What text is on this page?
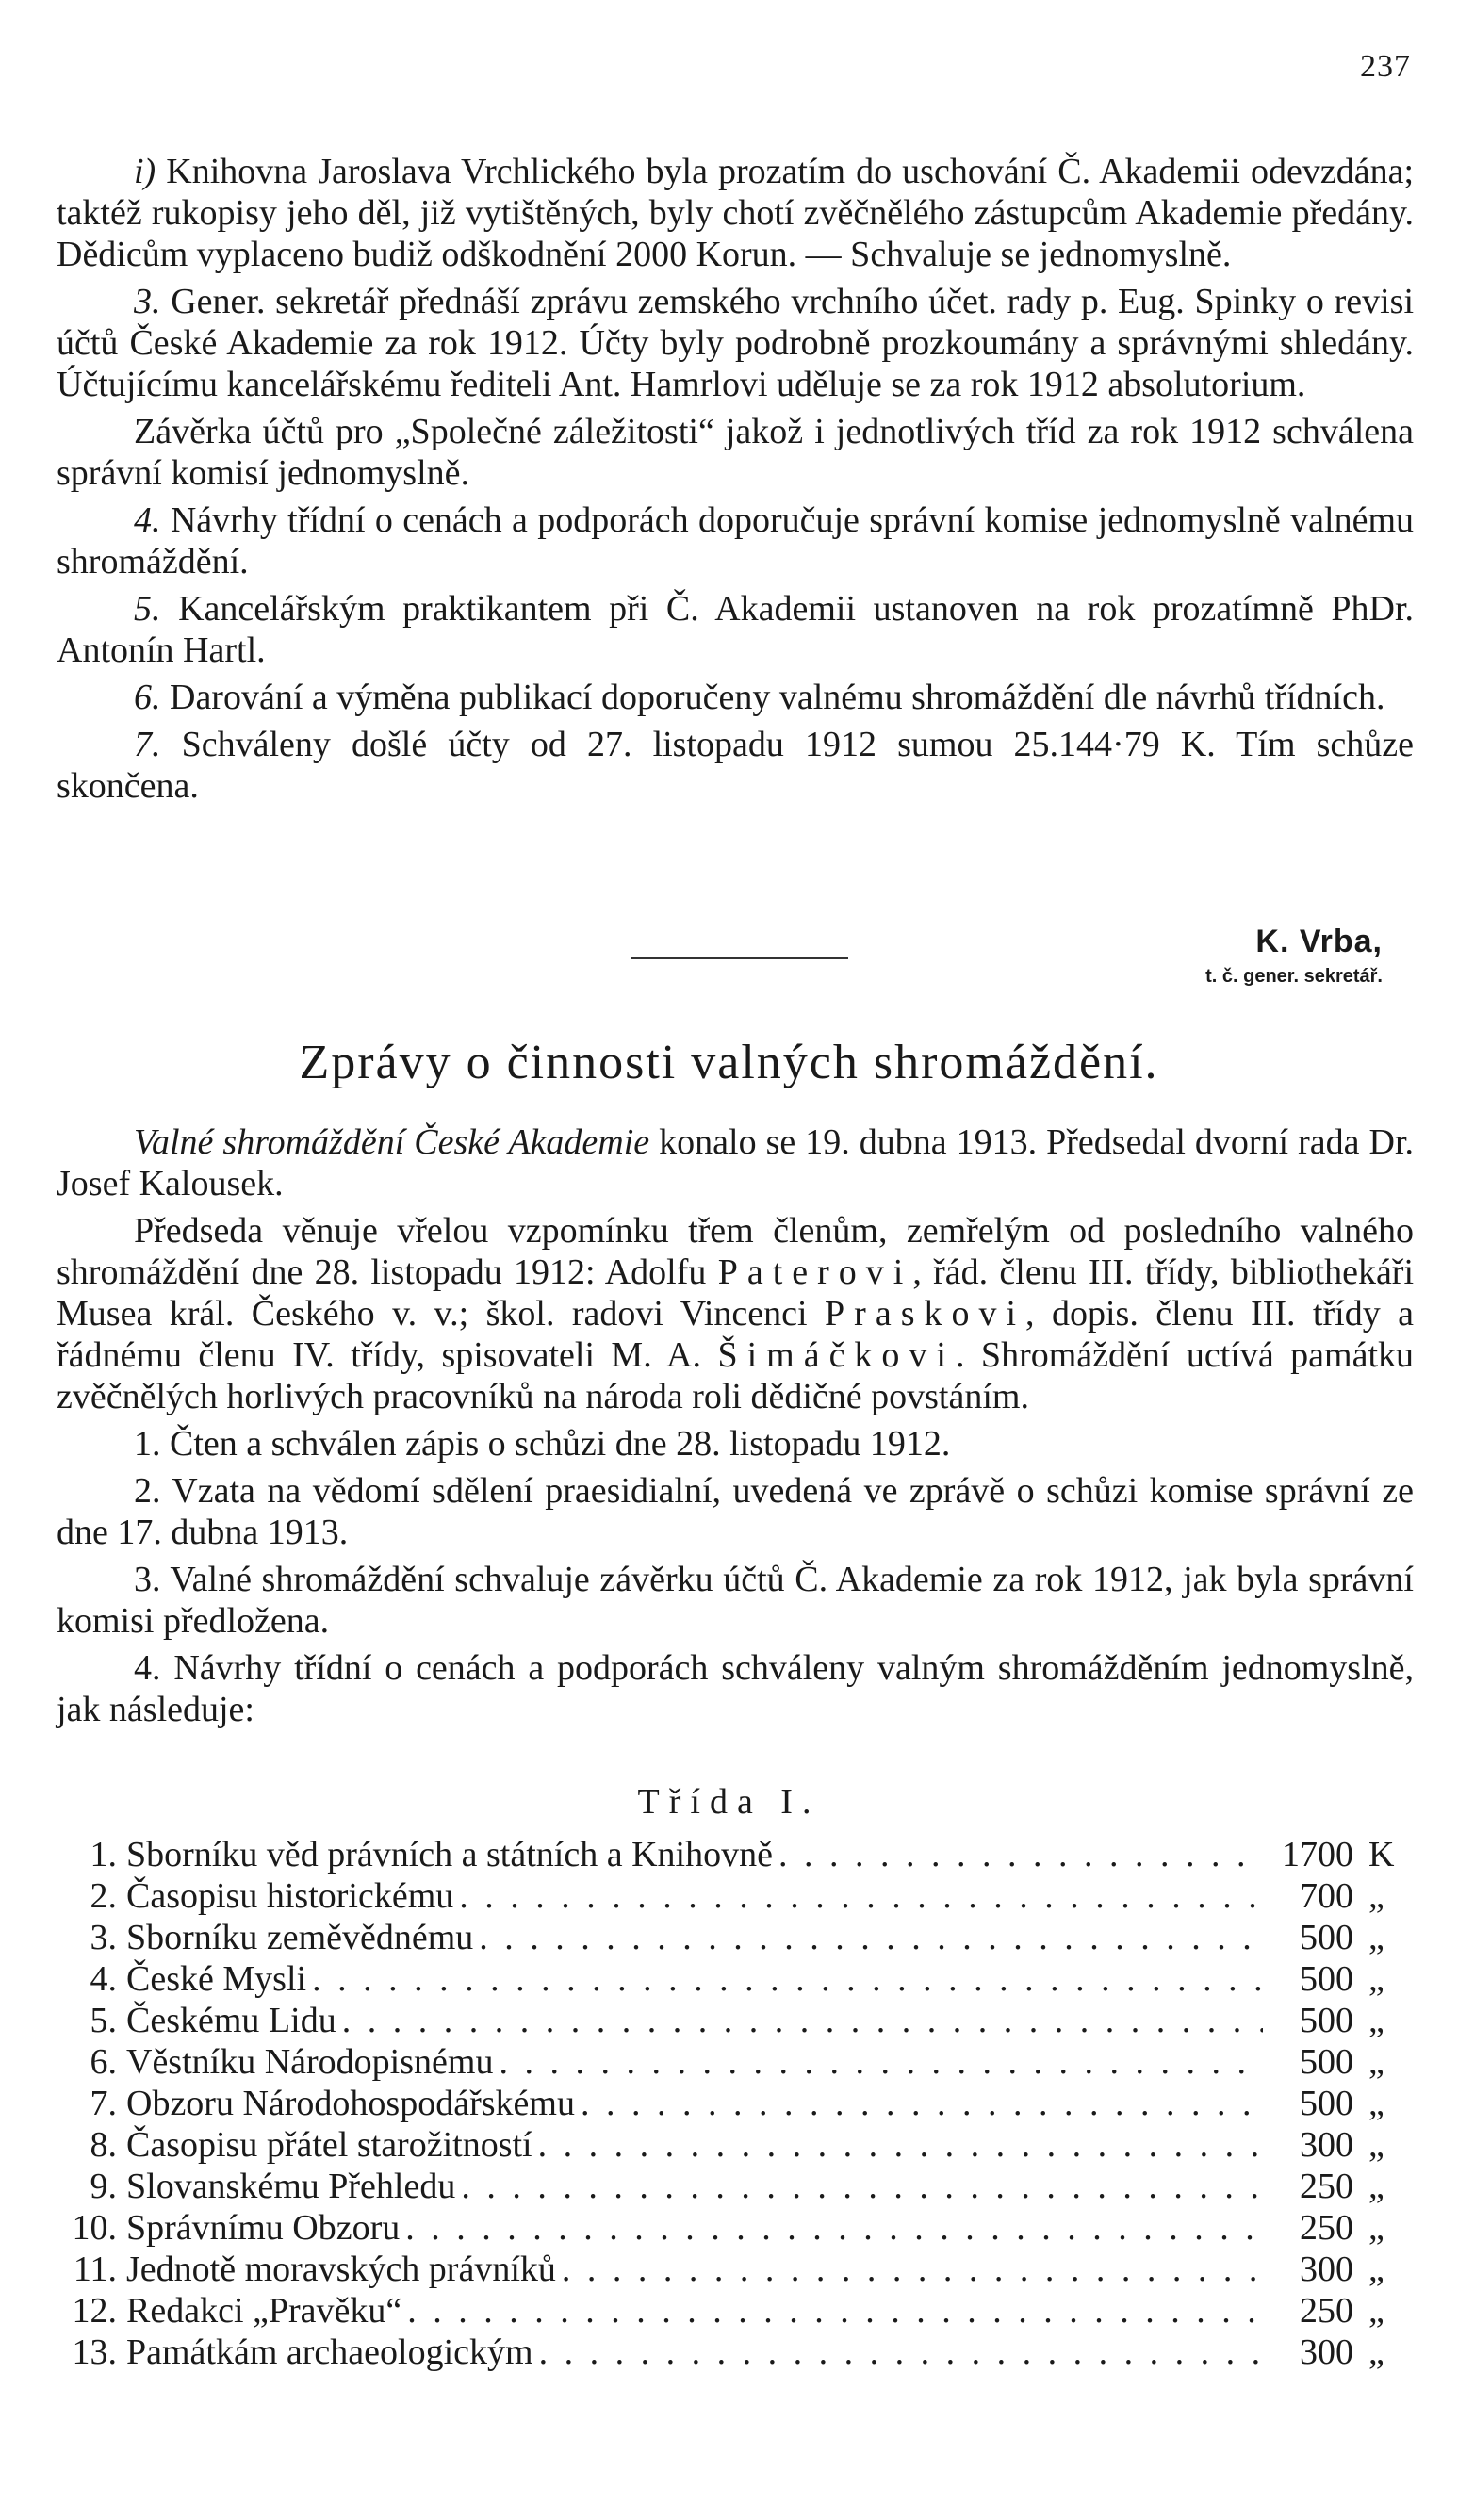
237

i) Knihovna Jaroslava Vrchlického byla prozatím do uschování Č. Akademii odevzdána; taktéž rukopisy jeho děl, již vytištěných, byly chotí zvěčnělého zástupcům Akademie předány. Dědicům vyplaceno budiž odškodnění 2000 Korun. — Schvaluje se jednomyslně.

3. Gener. sekretář přednáší zprávu zemského vrchního účet. rady p. Eug. Spinky o revisi účtů České Akademie za rok 1912. Účty byly podrobně prozkoumány a správnými shledány. Účtujícímu kancelářskému řediteli Ant. Hamrlovi uděluje se za rok 1912 absolutorium.

Závěrka účtů pro „Společné záležitosti“ jakož i jednotlivých tříd za rok 1912 schválena správní komisí jednomyslně.

4. Návrhy třídní o cenách a podporách doporučuje správní komise jednomyslně valnému shromáždění.

5. Kancelářským praktikantem při Č. Akademii ustanoven na rok prozatímně PhDr. Antonín Hartl.

6. Darování a výměna publikací doporučeny valnému shromáždění dle návrhů třídních.

7. Schváleny došlé účty od 27. listopadu 1912 sumou 25.144·79 K. Tím schůze skončena.

K. Vrba,
t. č. gener. sekretář.
Zprávy o činnosti valných shromáždění.

Valné shromáždění České Akademie konalo se 19. dubna 1913. Předsedal dvorní rada Dr. Josef Kalousek.

Předseda věnuje vřelou vzpomínku třem členům, zemřelým od posledního valného shromáždění dne 28. listopadu 1912: Adolfu Paterovi, řád. členu III. třídy, bibliothekáři Musea král. Českého v. v.; škol. radovi Vincenci Praskovi, dopis. členu III. třídy a řádnému členu IV. třídy, spisovateli M. A. Šimáčkovi. Shromáždění uctívá památku zvěčnělých horlivých pracovníků na národa roli dědičné povstáním.

1. Čten a schválen zápis o schůzi dne 28. listopadu 1912.

2. Vzata na vědomí sdělení praesidialní, uvedená ve zprávě o schůzi komise správní ze dne 17. dubna 1913.

3. Valné shromáždění schvaluje závěrku účtů Č. Akademie za rok 1912, jak byla správní komisi předložena.

4. Návrhy třídní o cenách a podporách schváleny valným shromážděním jednomyslně, jak následuje:

Třída I.
1. Sborníku věd právních a státních a Knihovně . . .	1700 K
2. Časopisu historickému . . .	700 „
3. Sborníku zeměvědnému . . .	500 „
4. České Mysli . . .	500 „
5. Českému Lidu . . .	500 „
6. Věstníku Národopisnému . . .	500 „
7. Obzoru Národohospodářskému . . .	500 „
8. Časopisu přátel starožitností . . .	300 „
9. Slovanskému Přehledu . . .	250 „
10. Správnímu Obzoru . . .	250 „
11. Jednotě moravských právníků . . .	300 „
12. Redakci „Pravěku“ . . .	250 „
13. Památkám archaeologickým . . .	300 „
